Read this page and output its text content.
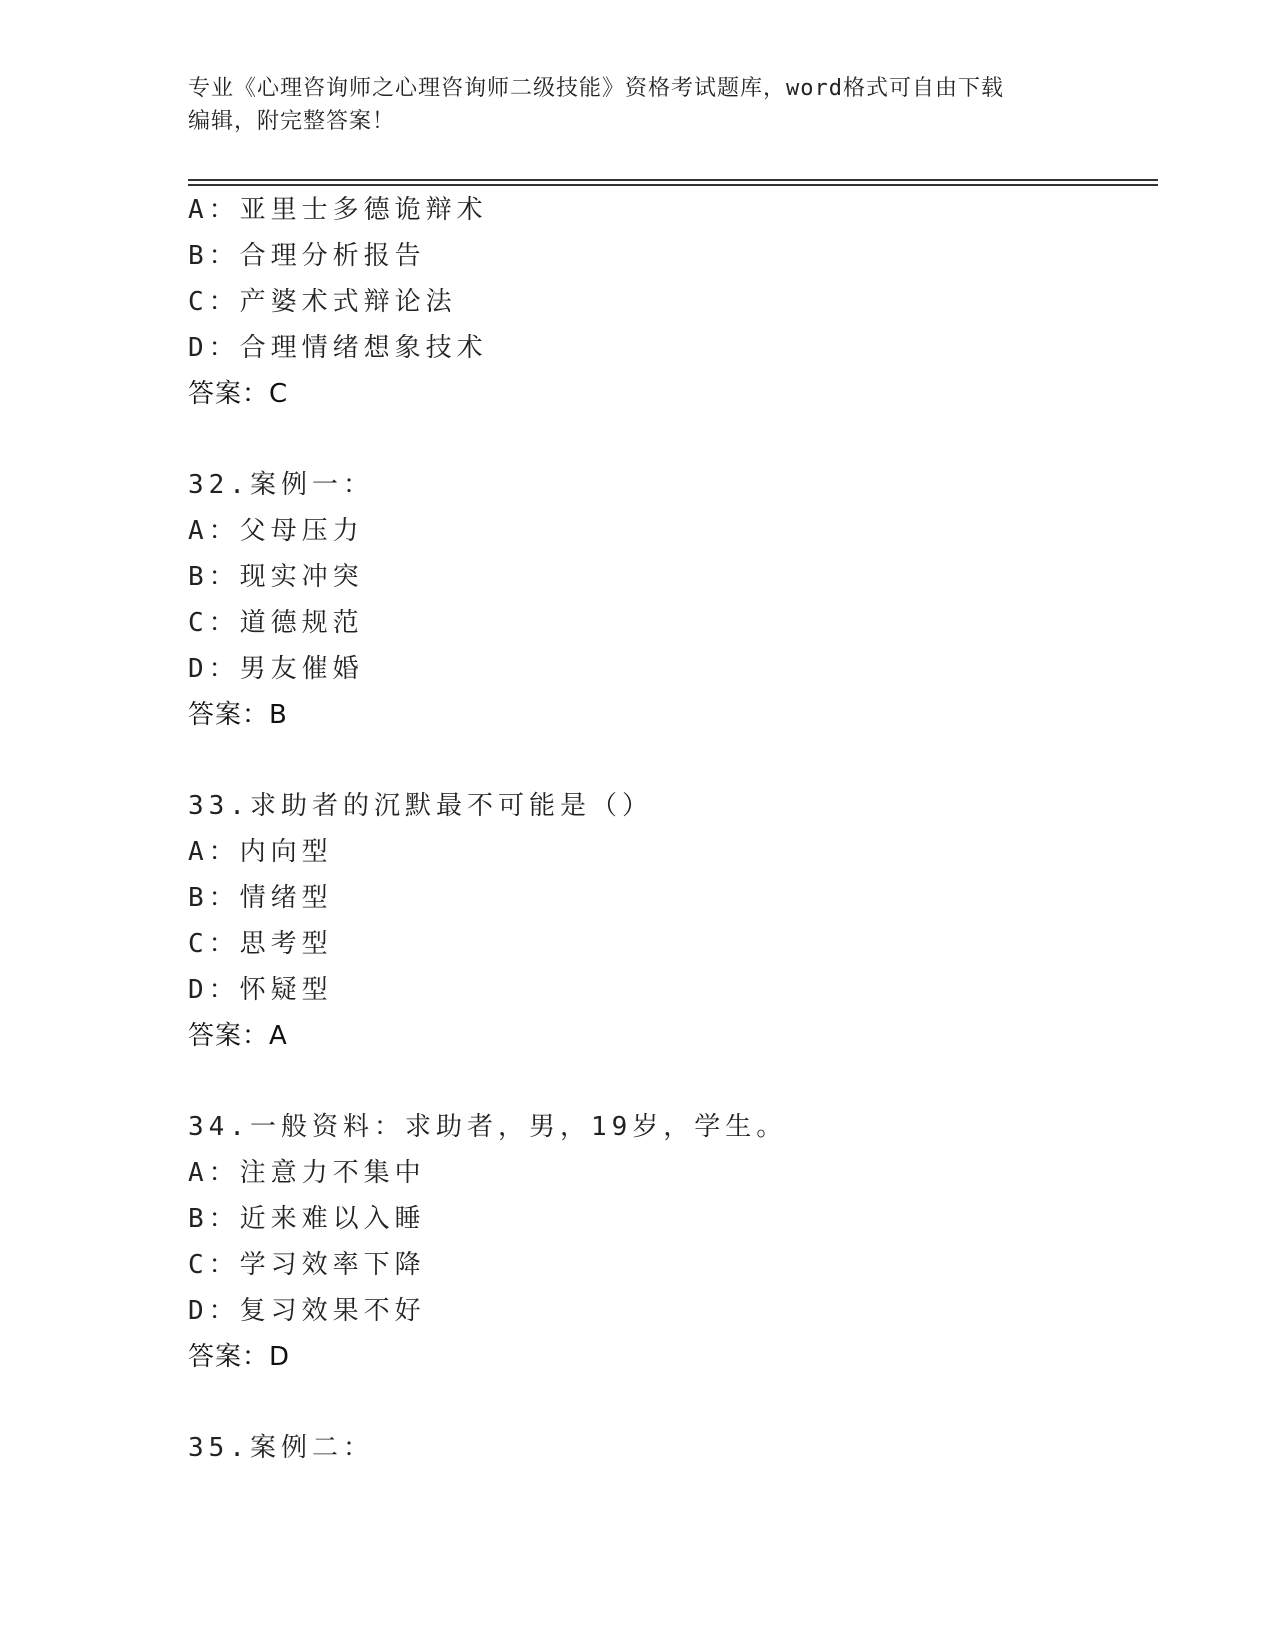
专业《心理咨询师之心理咨询师二级技能》资格考试题库，word格式可自由下载
编辑，附完整答案！
A：亚里士多德诡辩术
B：合理分析报告
C：产婆术式辩论法
D：合理情绪想象技术
答案：C
32.案例一：
A：父母压力
B：现实冲突
C：道德规范
D：男友催婚
答案：B
33.求助者的沉默最不可能是（）
A：内向型
B：情绪型
C：思考型
D：怀疑型
答案：A
34.一般资料：求助者，男，19岁，学生。
A：注意力不集中
B：近来难以入睡
C：学习效率下降
D：复习效果不好
答案：D
35.案例二：
